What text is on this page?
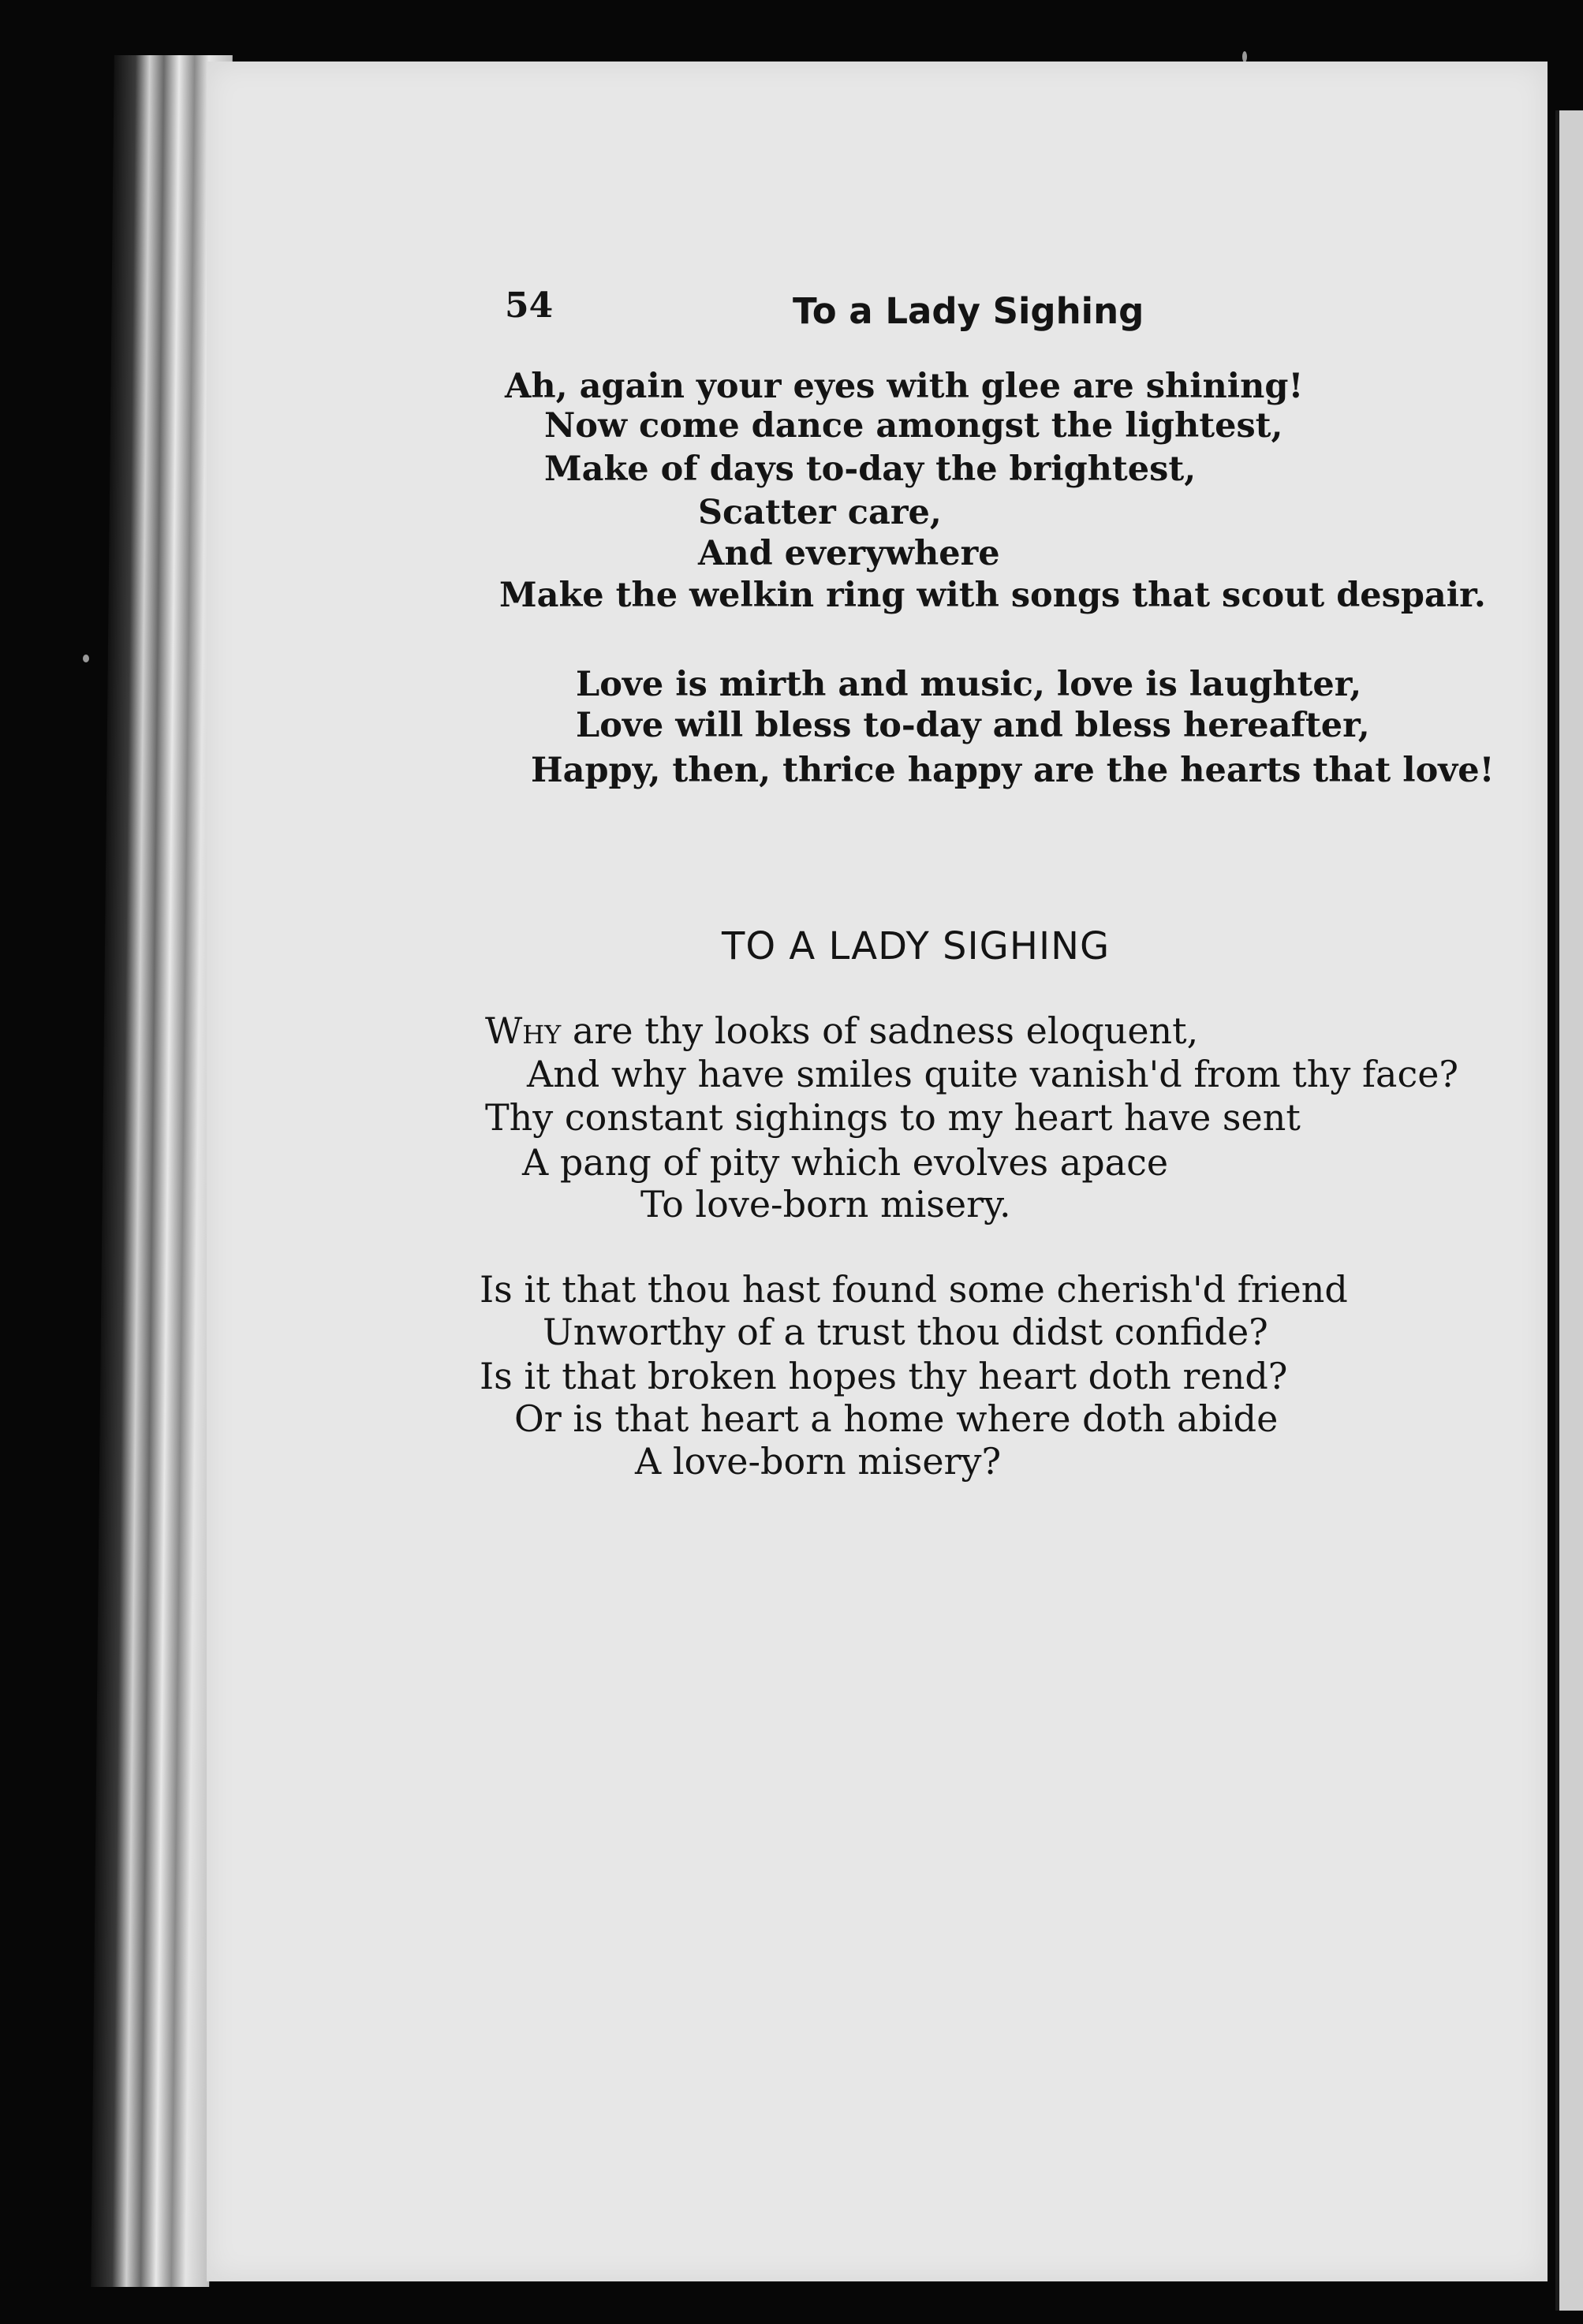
54	To a Lady Sighing
Ah, again your eyes with glee are shining!
Now come dance amongst the lightest,
Make of days to-day the brightest,
Scatter care,
And everywhere
Make the welkin ring with songs that scout despair.
Love is mirth and music, love is laughter,
Love will bless to-day and bless hereafter,
Happy, then, thrice happy are the hearts that love!
TO A LADY SIGHING
Why are thy looks of sadness eloquent,
And why have smiles quite vanish'd from thy face?
Thy constant sighings to my heart have sent
A pang of pity which evolves apace
To love-born misery.
Is it that thou hast found some cherish'd friend
Unworthy of a trust thou didst confide?
Is it that broken hopes thy heart doth rend?
Or is that heart a home where doth abide
A love-born misery?
